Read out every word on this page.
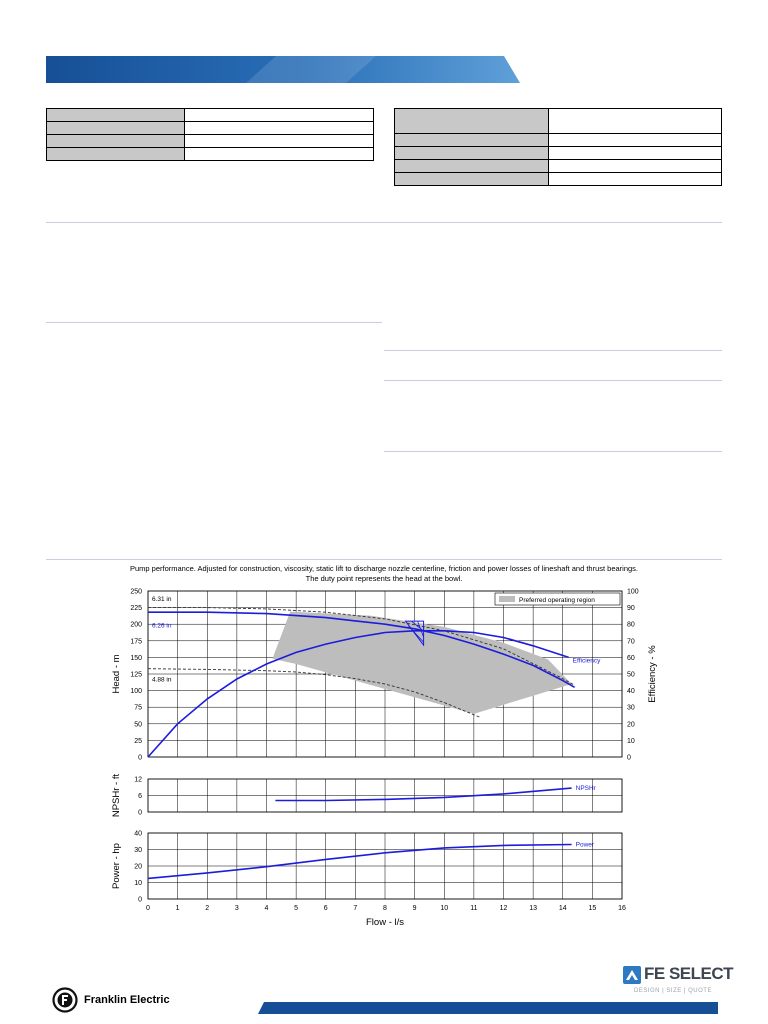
Pump performance. Adjusted for construction, viscosity, static lift to discharge nozzle centerline, friction and power losses of lineshaft and thrust bearings.
The duty point represents the head at the bowl.
0
25
50
75
100
125
150
175
200
225
250
Head - m
0
10
20
30
40
50
60
70
80
90
100
Efficiency - %
Efficiency
6.31 in
6.26 in
4.88 in
Preferred operating region
0
6
12
NPSHr - ft	NPSHr
0
10
20
30
40
Power - hp	Power
0	1	2	3	4	5	6	7	8	9	10	11	12	13	14	15	16
Flow - l/s
Franklin Electric
FE SELECT
DESIGN | SIZE | QUOTE
